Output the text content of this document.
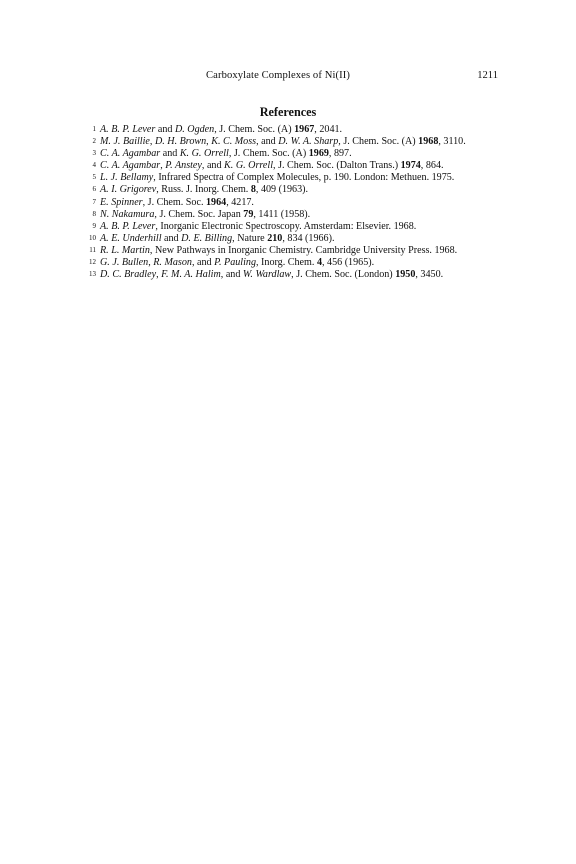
Carboxylate Complexes of Ni(II)	1211
References
1 A. B. P. Lever and D. Ogden, J. Chem. Soc. (A) 1967, 2041.
2 M. J. Baillie, D. H. Brown, K. C. Moss, and D. W. A. Sharp, J. Chem. Soc. (A) 1968, 3110.
3 C. A. Agambar and K. G. Orrell, J. Chem. Soc. (A) 1969, 897.
4 C. A. Agambar, P. Anstey, and K. G. Orrell, J. Chem. Soc. (Dalton Trans.) 1974, 864.
5 L. J. Bellamy, Infrared Spectra of Complex Molecules, p. 190. London: Methuen. 1975.
6 A. I. Grigorev, Russ. J. Inorg. Chem. 8, 409 (1963).
7 E. Spinner, J. Chem. Soc. 1964, 4217.
8 N. Nakamura, J. Chem. Soc. Japan 79, 1411 (1958).
9 A. B. P. Lever, Inorganic Electronic Spectroscopy. Amsterdam: Elsevier. 1968.
10 A. E. Underhill and D. E. Billing, Nature 210, 834 (1966).
11 R. L. Martin, New Pathways in Inorganic Chemistry. Cambridge University Press. 1968.
12 G. J. Bullen, R. Mason, and P. Pauling, Inorg. Chem. 4, 456 (1965).
13 D. C. Bradley, F. M. A. Halim, and W. Wardlaw, J. Chem. Soc. (London) 1950, 3450.
